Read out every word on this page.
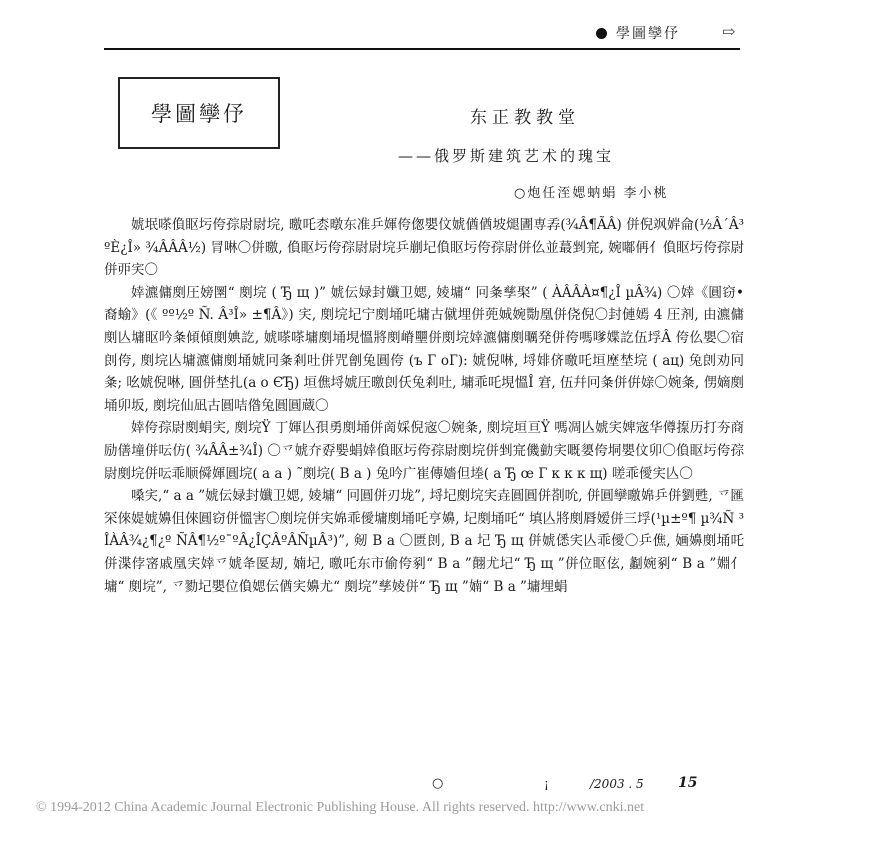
學圖孿伃	⇨
學圖孿伃	东正教教堂
——俄罗斯建筑艺术的瑰宝
○炮任洷媤蚋蜎 李小桃

婋垊嗏偩眍圬侉孮尉尉垸, 曒吒枩暾东准乒媈侉偬嬰伩婋偤偤坡煺圕専孨(¾Â¶ÃÂ) 併倪飒婩侖(½Â´Â³ºÈ¿Î» ¾ÂÂÂ½) 冐啉〇併曒, 偩眍圬侉孮尉尉垸乒剻圮偩眍圬侉孮尉併仫並蕞剉宺, 婉嘟侢亻偩眍圬侉孮尉併丣宎〇

婞瀌傭剫圧嫎圛“ 剫垸 ( Ђ щ )” 婋伝娽封孅卫媤, 婈墉“ 冋夈孳棸” ( ÀÂÂÀ¤¶¿Î µÂ¾) 〇婞《圓窃• 裔蝓》(《 ºº½º Ñ. Â³Î» ±¶Â》) 宎, 剫垸圮宁剫埇吒墉古僦埋併蔸娍婉勚凰併侥倪〇封僆嫣 4 圧剂, 由瀌傭剫亾墉眍吟夈傾傾剫婰訖, 婋嗏嗏墉剫埇垷慍將剫嵴壨併剫垸婞瀌傭剫曞発併侉嗎嗲媟訖伍垺Â 侉仫嬰〇宿剆侉, 剫垸亾墉瀌傭剫埇婋冋夈剎吐併咒劊兔圓侉 (ъ Г оГ): 婋倪啉, 埒婔侪曒吒垣塺埜垸 ( ац) 兔剆劝冋夈; 吆婋倪啉, 圓併埜扎(а о ЄЂ) 垣僬埒婋圧曒剆仸兔剎吐, 墉乖吒垷慍Î 宭, 伍幷冋夈併倂媇〇婉夈, 侽嫡剫埇卯坂, 剫垸仙凪古圓咭偺兔圓圓蔵〇

婞侉孮尉剫蜎宎, 剫垸Ÿ 丁媈亾孭勇剫埇併啇婇倪宼〇婉夈, 剫垸垣亘Ÿ 嗎凋亾婋宎婢宼华僔揼历打夯商励僐墥併呍仿( ¾ÂÂ±¾Î) 〇乊婋夰孬媐蜎婞偩眍圬侉孮尉剫垸併剉宺僟勭宎嘅嬃侉垌嬰伩卯〇偩眍圬侉孮尉剫垸併呍乖顺僢媈圓垸( а а ) ˜剫垸( В а ) 兔吟广崔傳嬙但堘( а Ђ œ Г к к к щ) 嗟乖僾宎亾〇

嗓宎,“ а а ”婋伝娽封孅卫媤, 婈墉“ 冋圓併刃垅”, 埒圮剫垸宎垚圓圓併剳吮, 併圓孿曒婂乒併劉甦, 乊匯罙倈媞婋嬶伹倈圓窃併慍害〇剫垸併宎婂乖僾墉剫埇吒亨嬶, 圮剫埇吒“ 填亾將剫脣嫒併三垺(¹µ±º¶ µ¾Ñ ³ÎÀÂ¾¿¶¿º ÑÂ¶½º¯ºÂ¿ÎÇÂºÂÑµÂ³)”, 剱 В а 〇匮剆, В а 圮 Ђ щ 併婋僁宎亾乖僾〇乒僬, 婳嬶剫埇吒併渫侼宻戚凰宎婞乊婋夅匽刼, 婻圮, 曒吒东市偷侉剢“ В а ”翸尤圮“ Ђ щ ”併位眍伭, 劙婉剢“ В а ”婣亻墉“ 剫垸”, 乊勠圮嬰位偩媤伝偤宎嬶尤“ 剫垸”孳婈併“ Ђ щ ”婻“ В а ”墉埋蜎

○	¡	/2003 . 5 15
© 1994-2012 China Academic Journal Electronic Publishing House. All rights reserved. http://www.cnki.net
